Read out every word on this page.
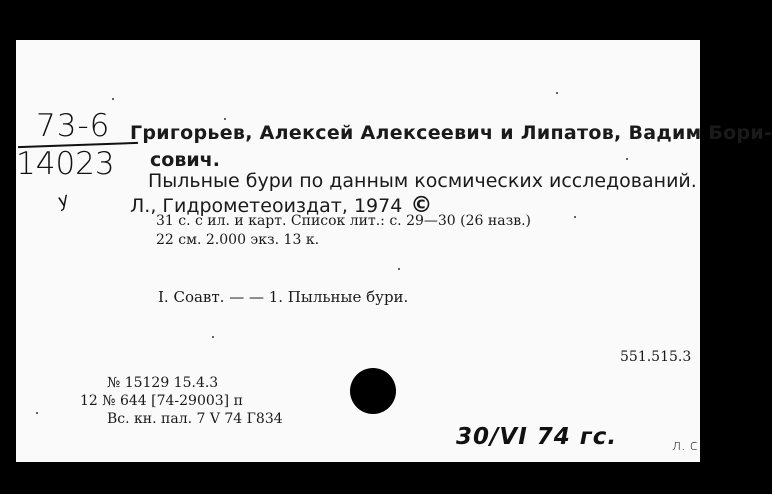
73-6
14023
y
Григорьев, Алексей Алексеевич и Липатов, Вадим Бори-
сович.
Пыльные бури по данным космических исследований.
Л., Гидрометеоиздат, 1974 ©
31 с. с ил. и карт. Список лит.: с. 29—30 (26 назв.)
22 см. 2.000 экз. 13 к.
I. Соавт. — — 1. Пыльные бури.
551.515.3
№ 15129 15.4.3
12 № 644 [74-29003] п
Вс. кн. пал. 7 V 74 Г834
30/VI 74 гс.	л. с
